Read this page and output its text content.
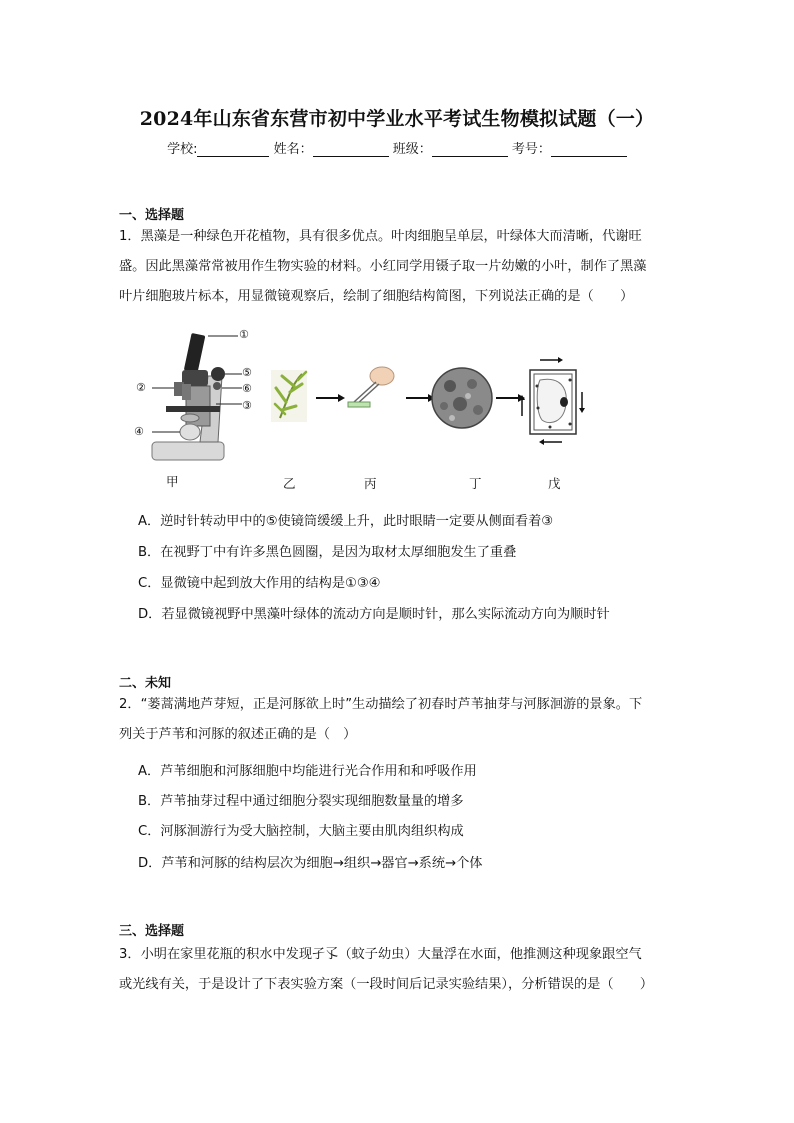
2024年山东省东营市初中学业水平考试生物模拟试题（一）
学校:	姓名：	班级：	考号：
一、选择题
1．黑藻是一种绿色开花植物，具有很多优点。叶肉细胞呈单层，叶绿体大而清晰，代谢旺
盛。因此黑藻常常被用作生物实验的材料。小红同学用镊子取一片幼嫩的小叶，制作了黑藻
叶片细胞玻片标本，用显微镜观察后，绘制了细胞结构简图，下列说法正确的是（　　）
①
⑤
②	⑥
③
④
甲	乙	丙	丁	戊
A．逆时针转动甲中的⑤使镜筒缓缓上升，此时眼睛一定要从侧面看着③
B．在视野丁中有许多黑色圆圈，是因为取材太厚细胞发生了重叠
C．显微镜中起到放大作用的结构是①③④
D．若显微镜视野中黑藻叶绿体的流动方向是顺时针，那么实际流动方向为顺时针
二、未知
2．“蒌蒿满地芦芽短，正是河豚欲上时”生动描绘了初春时芦苇抽芽与河豚洄游的景象。下
列关于芦苇和河豚的叙述正确的是（　）
A．芦苇细胞和河豚细胞中均能进行光合作用和和呼吸作用
B．芦苇抽芽过程中通过细胞分裂实现细胞数量量的增多
C．河豚洄游行为受大脑控制，大脑主要由肌肉组织构成
D．芦苇和河豚的结构层次为细胞→组织→器官→系统→个体
三、选择题
3．小明在家里花瓶的积水中发现孑孓（蚊子幼虫）大量浮在水面，他推测这种现象跟空气
或光线有关，于是设计了下表实验方案（一段时间后记录实验结果），分析错误的是（　　）
